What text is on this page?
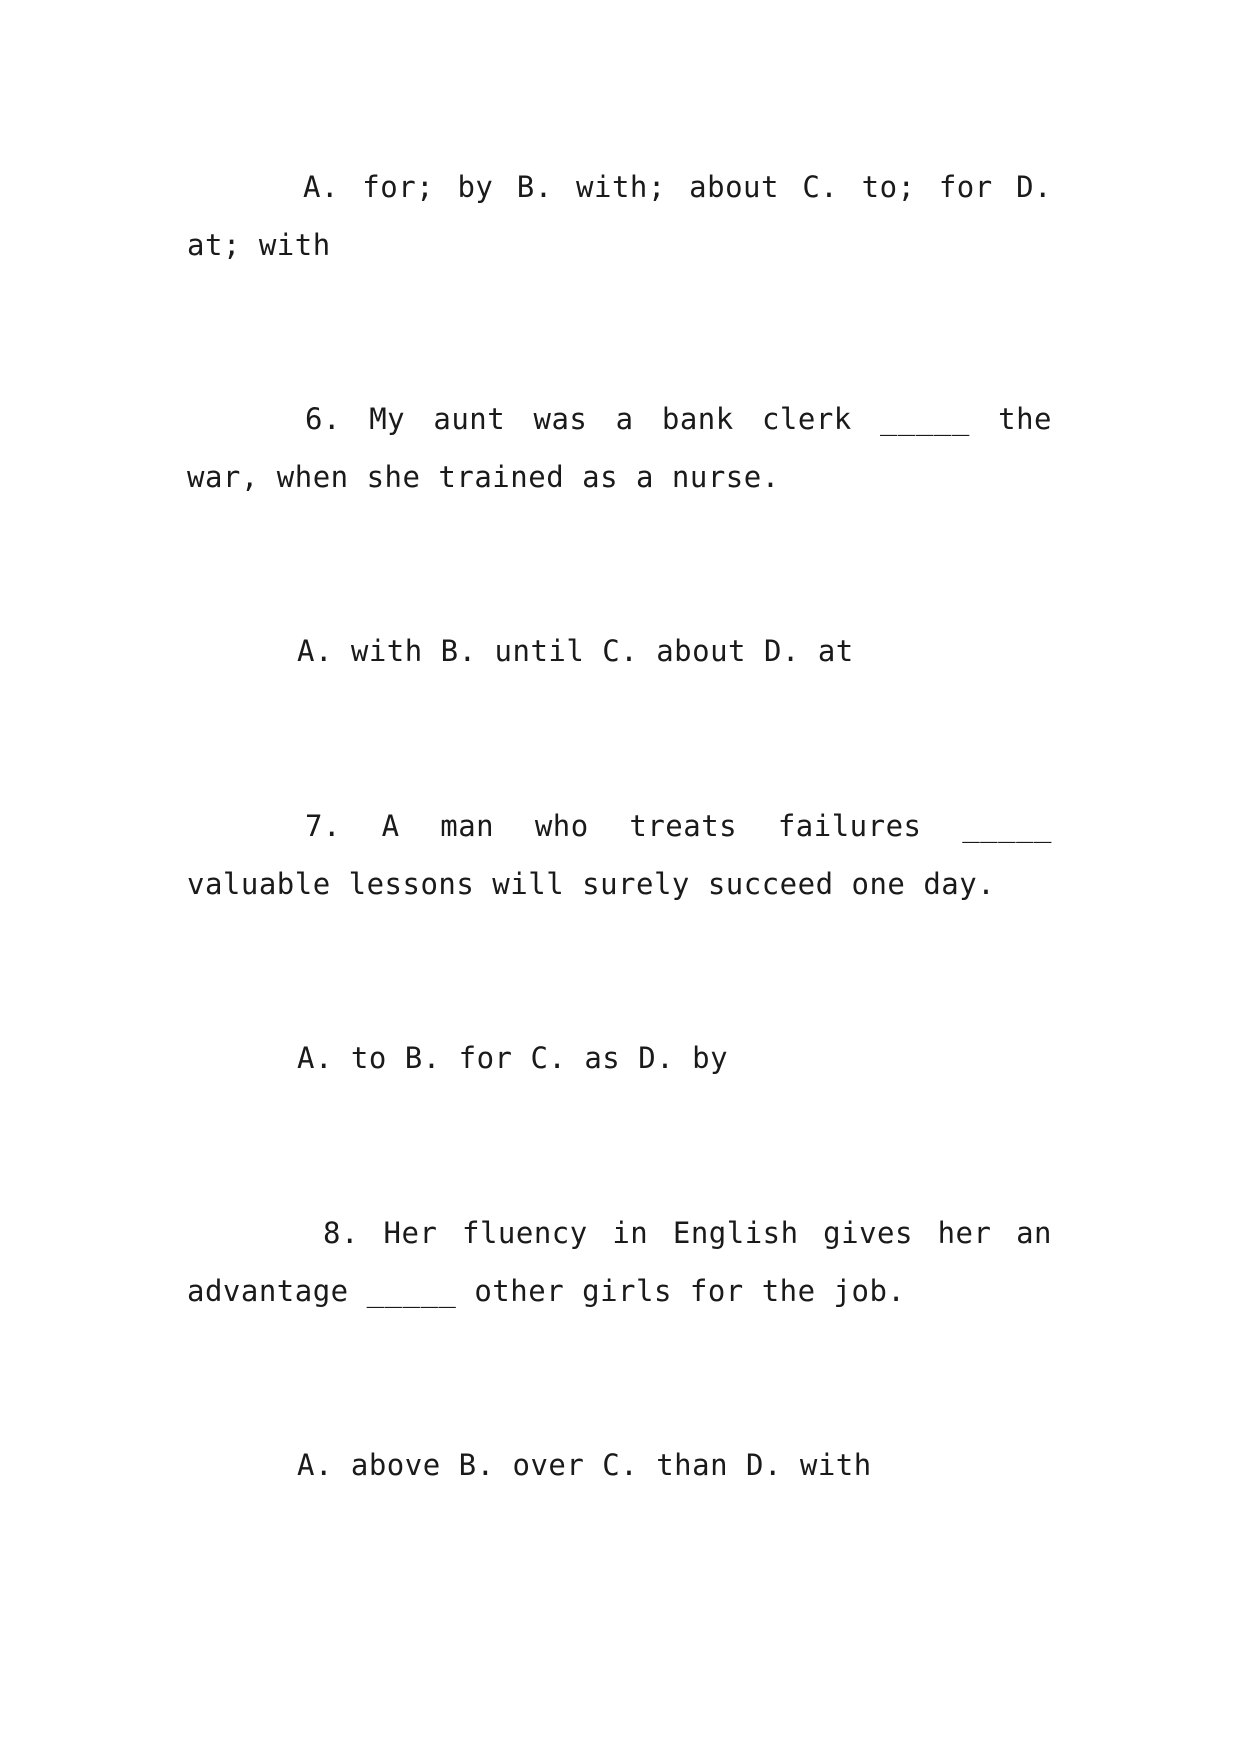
A. for; by B. with; about C. to; for D. at; with

6. My aunt was a bank clerk _____ the war, when she trained as a nurse.

A. with B. until C. about D. at

7. A man who treats failures _____ valuable lessons will surely succeed one day.

A. to B. for C. as D. by

8. Her fluency in English gives her an advantage _____ other girls for the job.

A. above B. over C. than D. with
